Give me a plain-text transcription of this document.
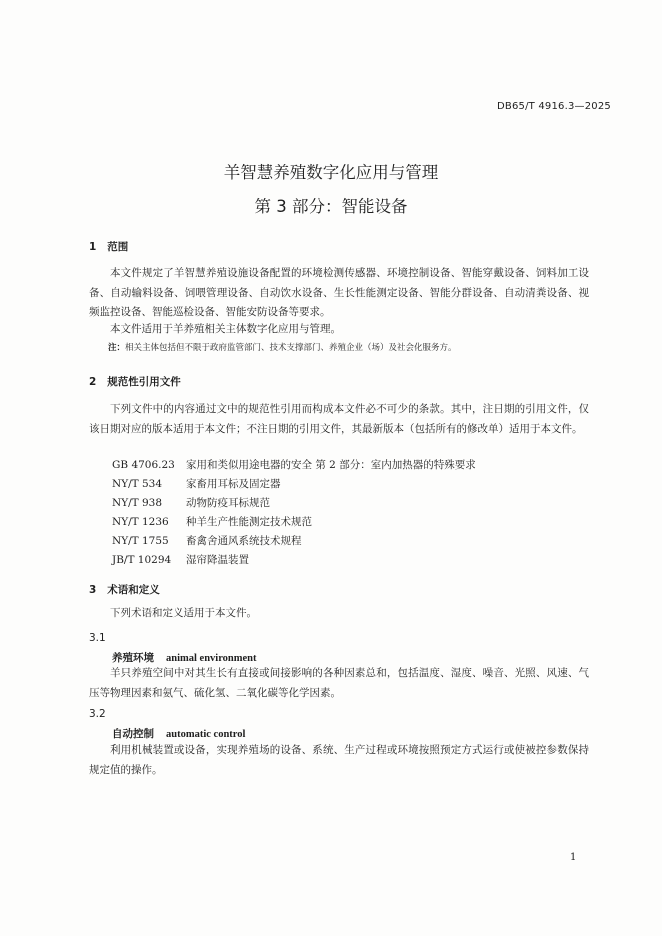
DB65/T 4916.3—2025
羊智慧养殖数字化应用与管理
第 3 部分：智能设备
1 范围
本文件规定了羊智慧养殖设施设备配置的环境检测传感器、环境控制设备、智能穿戴设备、饲料加工设备、自动输料设备、饲喂管理设备、自动饮水设备、生长性能测定设备、智能分群设备、自动清粪设备、视频监控设备、智能巡检设备、智能安防设备等要求。
本文件适用于羊养殖相关主体数字化应用与管理。
注：相关主体包括但不限于政府监管部门、技术支撑部门、养殖企业（场）及社会化服务方。
2 规范性引用文件
下列文件中的内容通过文中的规范性引用而构成本文件必不可少的条款。其中，注日期的引用文件，仅该日期对应的版本适用于本文件；不注日期的引用文件，其最新版本（包括所有的修改单）适用于本文件。
GB 4706.23 家用和类似用途电器的安全 第 2 部分：室内加热器的特殊要求
NY/T 534 家畜用耳标及固定器
NY/T 938 动物防疫耳标规范
NY/T 1236 种羊生产性能测定技术规范
NY/T 1755 畜禽舍通风系统技术规程
JB/T 10294 湿帘降温装置
3 术语和定义
下列术语和定义适用于本文件。
3.1
养殖环境 animal environment
羊只养殖空间中对其生长有直接或间接影响的各种因素总和，包括温度、湿度、噪音、光照、风速、气压等物理因素和氨气、硫化氢、二氧化碳等化学因素。
3.2
自动控制 automatic control
利用机械装置或设备，实现养殖场的设备、系统、生产过程或环境按照预定方式运行或使被控参数保持规定值的操作。
1
